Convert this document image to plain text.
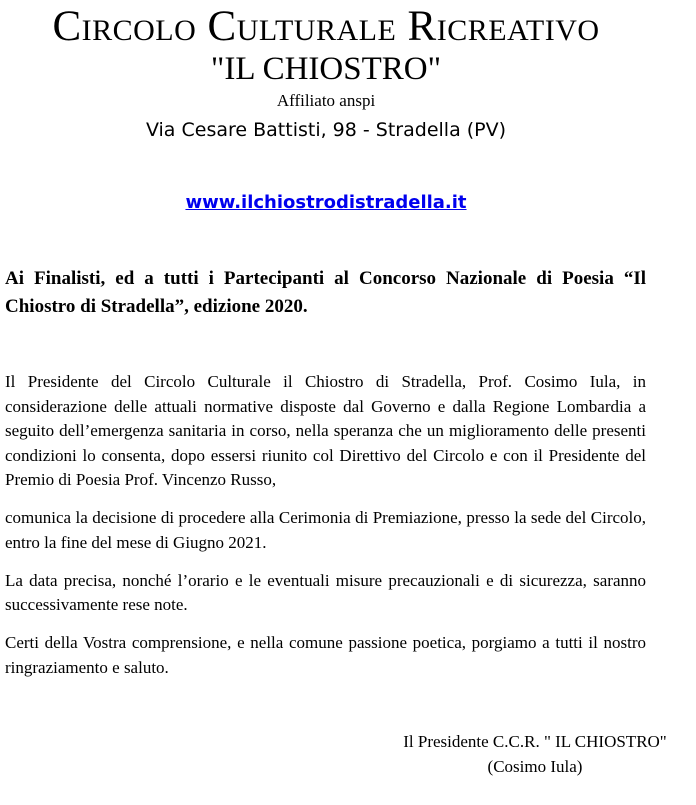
Circolo Culturale Ricreativo
"IL CHIOSTRO"
Affiliato anspi
Via Cesare Battisti, 98 - Stradella (PV)
www.ilchiostrodistradella.it

Ai Finalisti, ed a tutti i Partecipanti al Concorso Nazionale di Poesia “Il Chiostro di Stradella”, edizione 2020.

Il Presidente del Circolo Culturale il Chiostro di Stradella, Prof. Cosimo Iula, in considerazione delle attuali normative disposte dal Governo e dalla Regione Lombardia a seguito dell’emergenza sanitaria in corso, nella speranza che un miglioramento delle presenti condizioni lo consenta, dopo essersi riunito col Direttivo del Circolo e con il Presidente del Premio di Poesia Prof. Vincenzo Russo,

comunica la decisione di procedere alla Cerimonia di Premiazione, presso la sede del Circolo, entro la fine del mese di Giugno 2021.

La data precisa, nonché l’orario e le eventuali misure precauzionali e di sicurezza, saranno successivamente rese note.

Certi della Vostra comprensione, e nella comune passione poetica, porgiamo a tutti il nostro ringraziamento e saluto.

Il Presidente C.C.R. " IL CHIOSTRO"
(Cosimo Iula)
